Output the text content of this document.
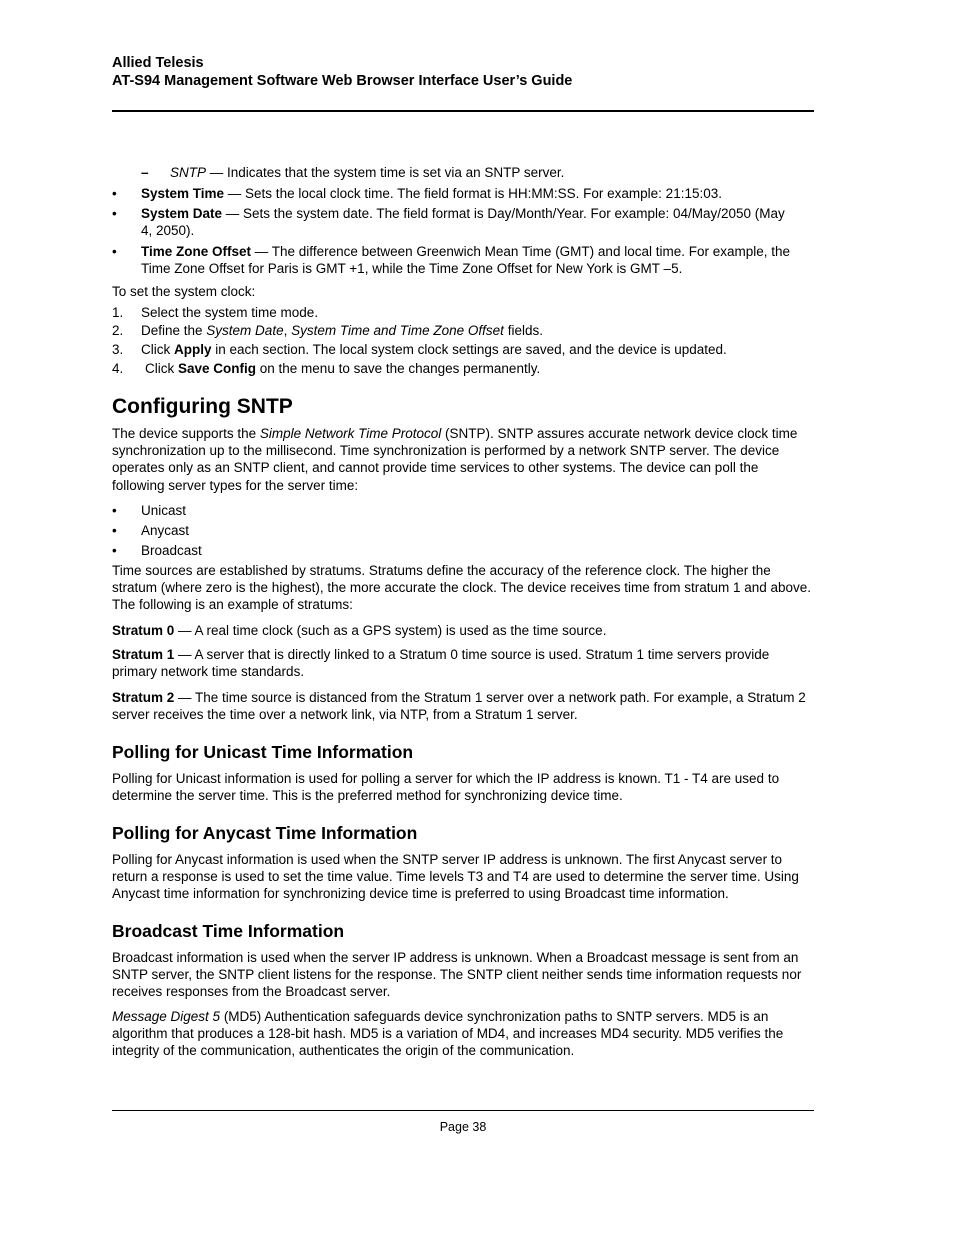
Allied Telesis
AT-S94 Management Software Web Browser Interface User’s Guide
– SNTP — Indicates that the system time is set via an SNTP server.
• System Time — Sets the local clock time. The field format is HH:MM:SS. For example: 21:15:03.
• System Date — Sets the system date. The field format is Day/Month/Year. For example: 04/May/2050 (May 4, 2050).
• Time Zone Offset — The difference between Greenwich Mean Time (GMT) and local time. For example, the Time Zone Offset for Paris is GMT +1, while the Time Zone Offset for New York is GMT –5.
To set the system clock:
1. Select the system time mode.
2. Define the System Date, System Time and Time Zone Offset fields.
3. Click Apply in each section. The local system clock settings are saved, and the device is updated.
4. Click Save Config on the menu to save the changes permanently.
Configuring SNTP
The device supports the Simple Network Time Protocol (SNTP). SNTP assures accurate network device clock time synchronization up to the millisecond. Time synchronization is performed by a network SNTP server. The device operates only as an SNTP client, and cannot provide time services to other systems. The device can poll the following server types for the server time:
• Unicast
• Anycast
• Broadcast
Time sources are established by stratums. Stratums define the accuracy of the reference clock. The higher the stratum (where zero is the highest), the more accurate the clock. The device receives time from stratum 1 and above. The following is an example of stratums:
Stratum 0 — A real time clock (such as a GPS system) is used as the time source.
Stratum 1 — A server that is directly linked to a Stratum 0 time source is used. Stratum 1 time servers provide primary network time standards.
Stratum 2 — The time source is distanced from the Stratum 1 server over a network path. For example, a Stratum 2 server receives the time over a network link, via NTP, from a Stratum 1 server.
Polling for Unicast Time Information
Polling for Unicast information is used for polling a server for which the IP address is known. T1 - T4 are used to determine the server time. This is the preferred method for synchronizing device time.
Polling for Anycast Time Information
Polling for Anycast information is used when the SNTP server IP address is unknown. The first Anycast server to return a response is used to set the time value. Time levels T3 and T4 are used to determine the server time. Using Anycast time information for synchronizing device time is preferred to using Broadcast time information.
Broadcast Time Information
Broadcast information is used when the server IP address is unknown. When a Broadcast message is sent from an SNTP server, the SNTP client listens for the response. The SNTP client neither sends time information requests nor receives responses from the Broadcast server.
Message Digest 5 (MD5) Authentication safeguards device synchronization paths to SNTP servers. MD5 is an algorithm that produces a 128-bit hash. MD5 is a variation of MD4, and increases MD4 security. MD5 verifies the integrity of the communication, authenticates the origin of the communication.
Page 38
